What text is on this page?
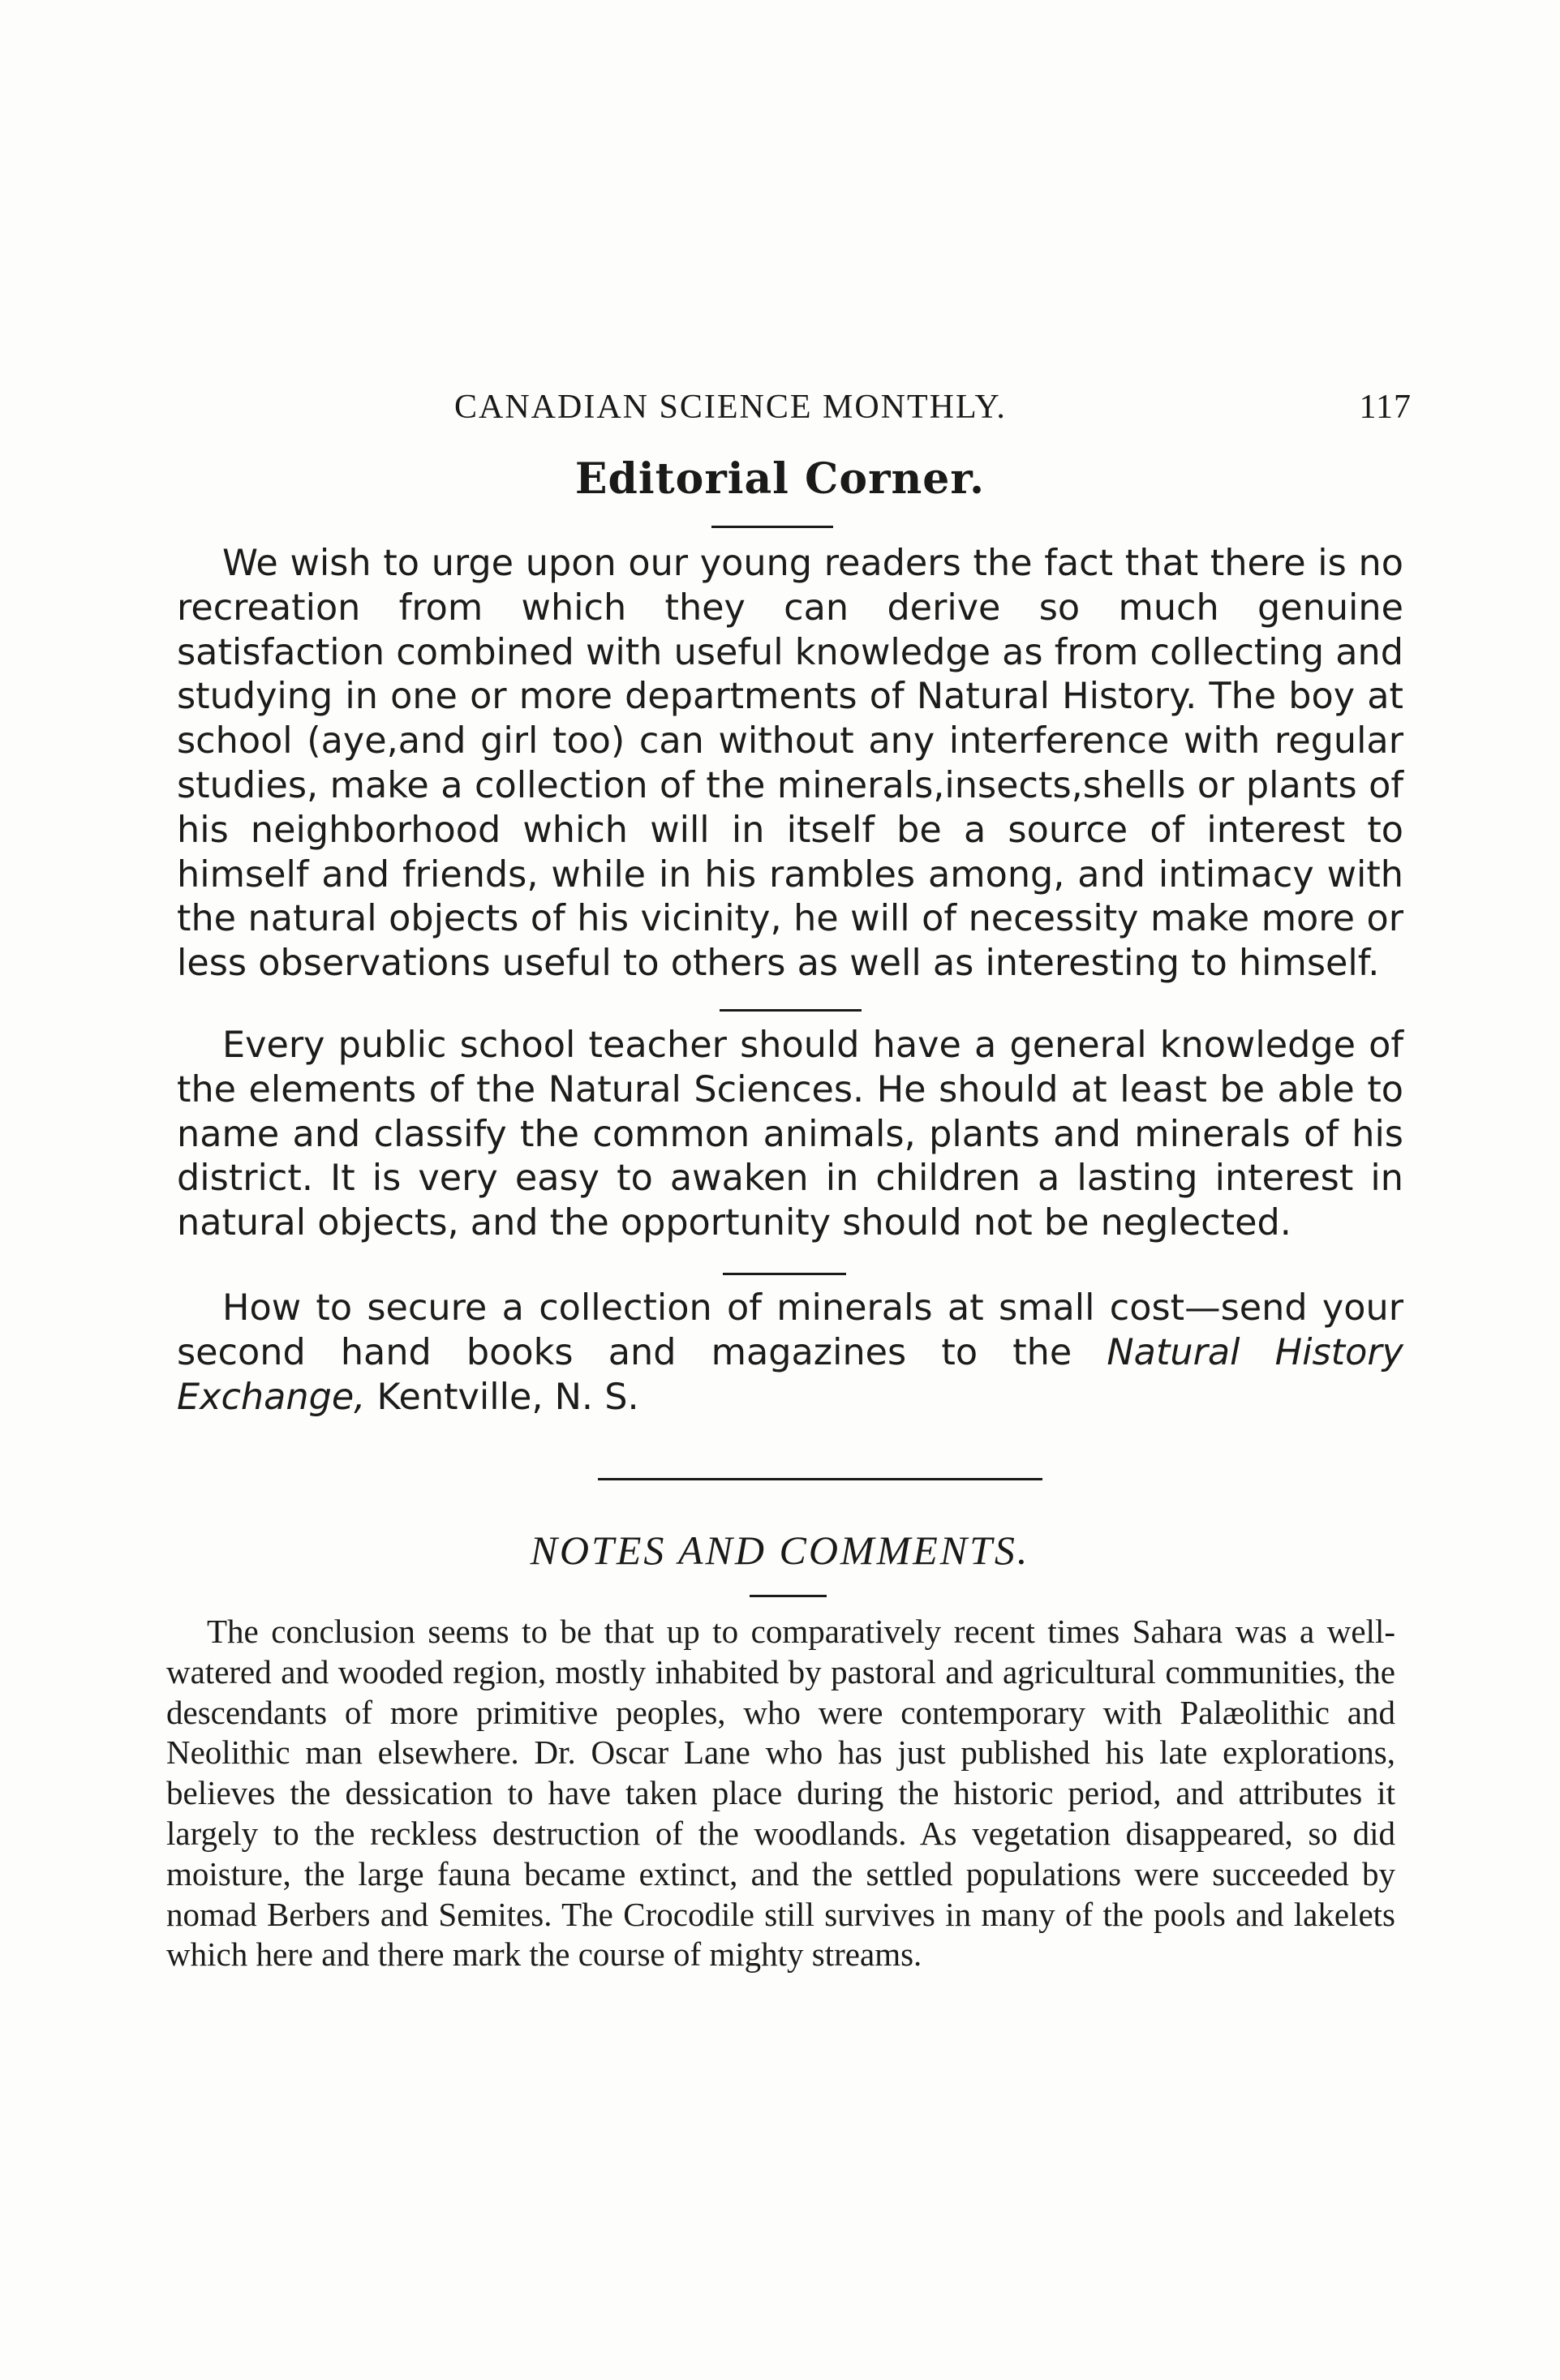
CANADIAN SCIENCE MONTHLY.	117
Editorial Corner.

We wish to urge upon our young readers the fact that there is no recreation from which they can derive so much genuine satisfaction combined with useful knowledge as from collecting and studying in one or more departments of Natural History. The boy at school (aye,and girl too) can without any interference with regular studies, make a collection of the minerals,insects,shells or plants of his neighborhood which will in itself be a source of interest to himself and friends, while in his rambles among, and intimacy with the natural objects of his vicinity, he will of necessity make more or less observations useful to others as well as interesting to himself.

Every public school teacher should have a general knowledge of the elements of the Natural Sciences. He should at least be able to name and classify the common animals, plants and minerals of his district. It is very easy to awaken in children a lasting interest in natural objects, and the opportunity should not be neglected.

How to secure a collection of minerals at small cost—send your second hand books and magazines to the Natural History Exchange, Kentville, N. S.

NOTES AND COMMENTS.

The conclusion seems to be that up to comparatively recent times Sahara was a well-watered and wooded region, mostly inhabited by pastoral and agricultural communities, the descendants of more primitive peoples, who were contemporary with Palæolithic and Neolithic man elsewhere. Dr. Oscar Lane who has just published his late explorations, believes the dessication to have taken place during the historic period, and attributes it largely to the reckless destruction of the woodlands. As vegetation disappeared, so did moisture, the large fauna became extinct, and the settled populations were succeeded by nomad Berbers and Semites. The Crocodile still survives in many of the pools and lakelets which here and there mark the course of mighty streams.
